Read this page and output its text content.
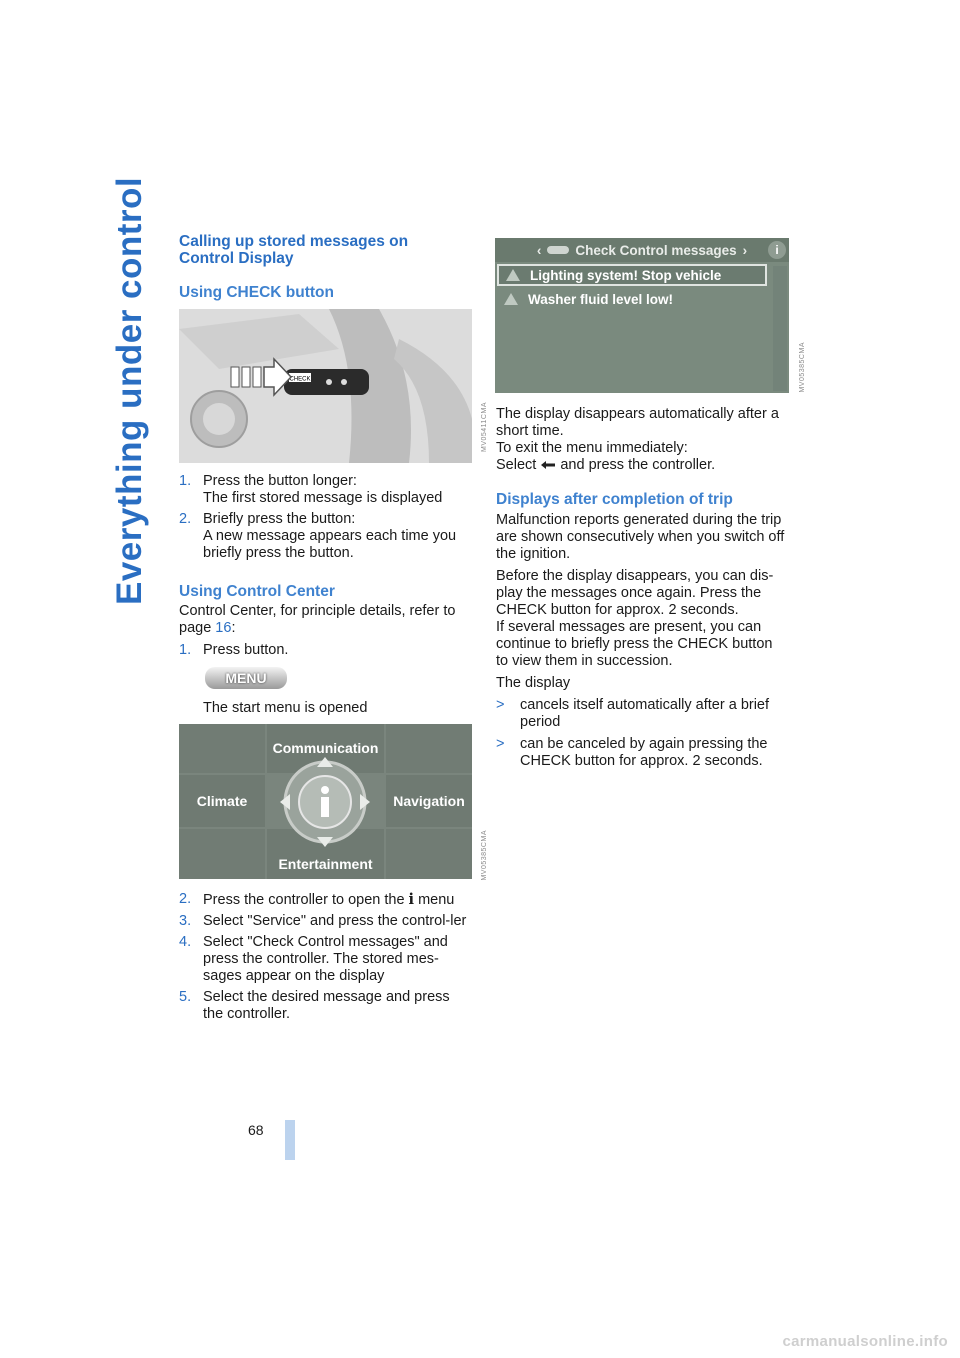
Everything under control Calling up stored messages on Control Display
Using CHECK button
CHECK
MV05411CMA
1. Press the button longer:
The first stored message is displayed
2. Briefly press the button:
A new message appears each time you briefly press the button.
Using Control Center

Control Center, for principle details, refer to page 16:

1. Press button.
MENU

The start menu is opened

Communication
Climate	Navigation
Entertainment	MV05385CMA
2. Press the controller to open the i menu
3. Select "Service" and press the control-ler
4. Select "Check Control messages" and press the controller. The stored mes-sages appear on the display
5. Select the desired message and press the controller.
‹	Check Control messages ›	i
Lighting system! Stop vehicle
Washer fluid level low!
MV05385CMA

The display disappears automatically after a short time.

To exit the menu immediately:

Select  and press the controller.

Displays after completion of trip

Malfunction reports generated during the trip are shown consecutively when you switch off the ignition.

Before the display disappears, you can dis-play the messages once again. Press the CHECK button for approx. 2 seconds.

If several messages are present, you can continue to briefly press the CHECK button to view them in succession.

The display

> cancels itself automatically after a brief period
> can be canceled by again pressing the CHECK button for approx. 2 seconds.
68
carmanualsonline.info
